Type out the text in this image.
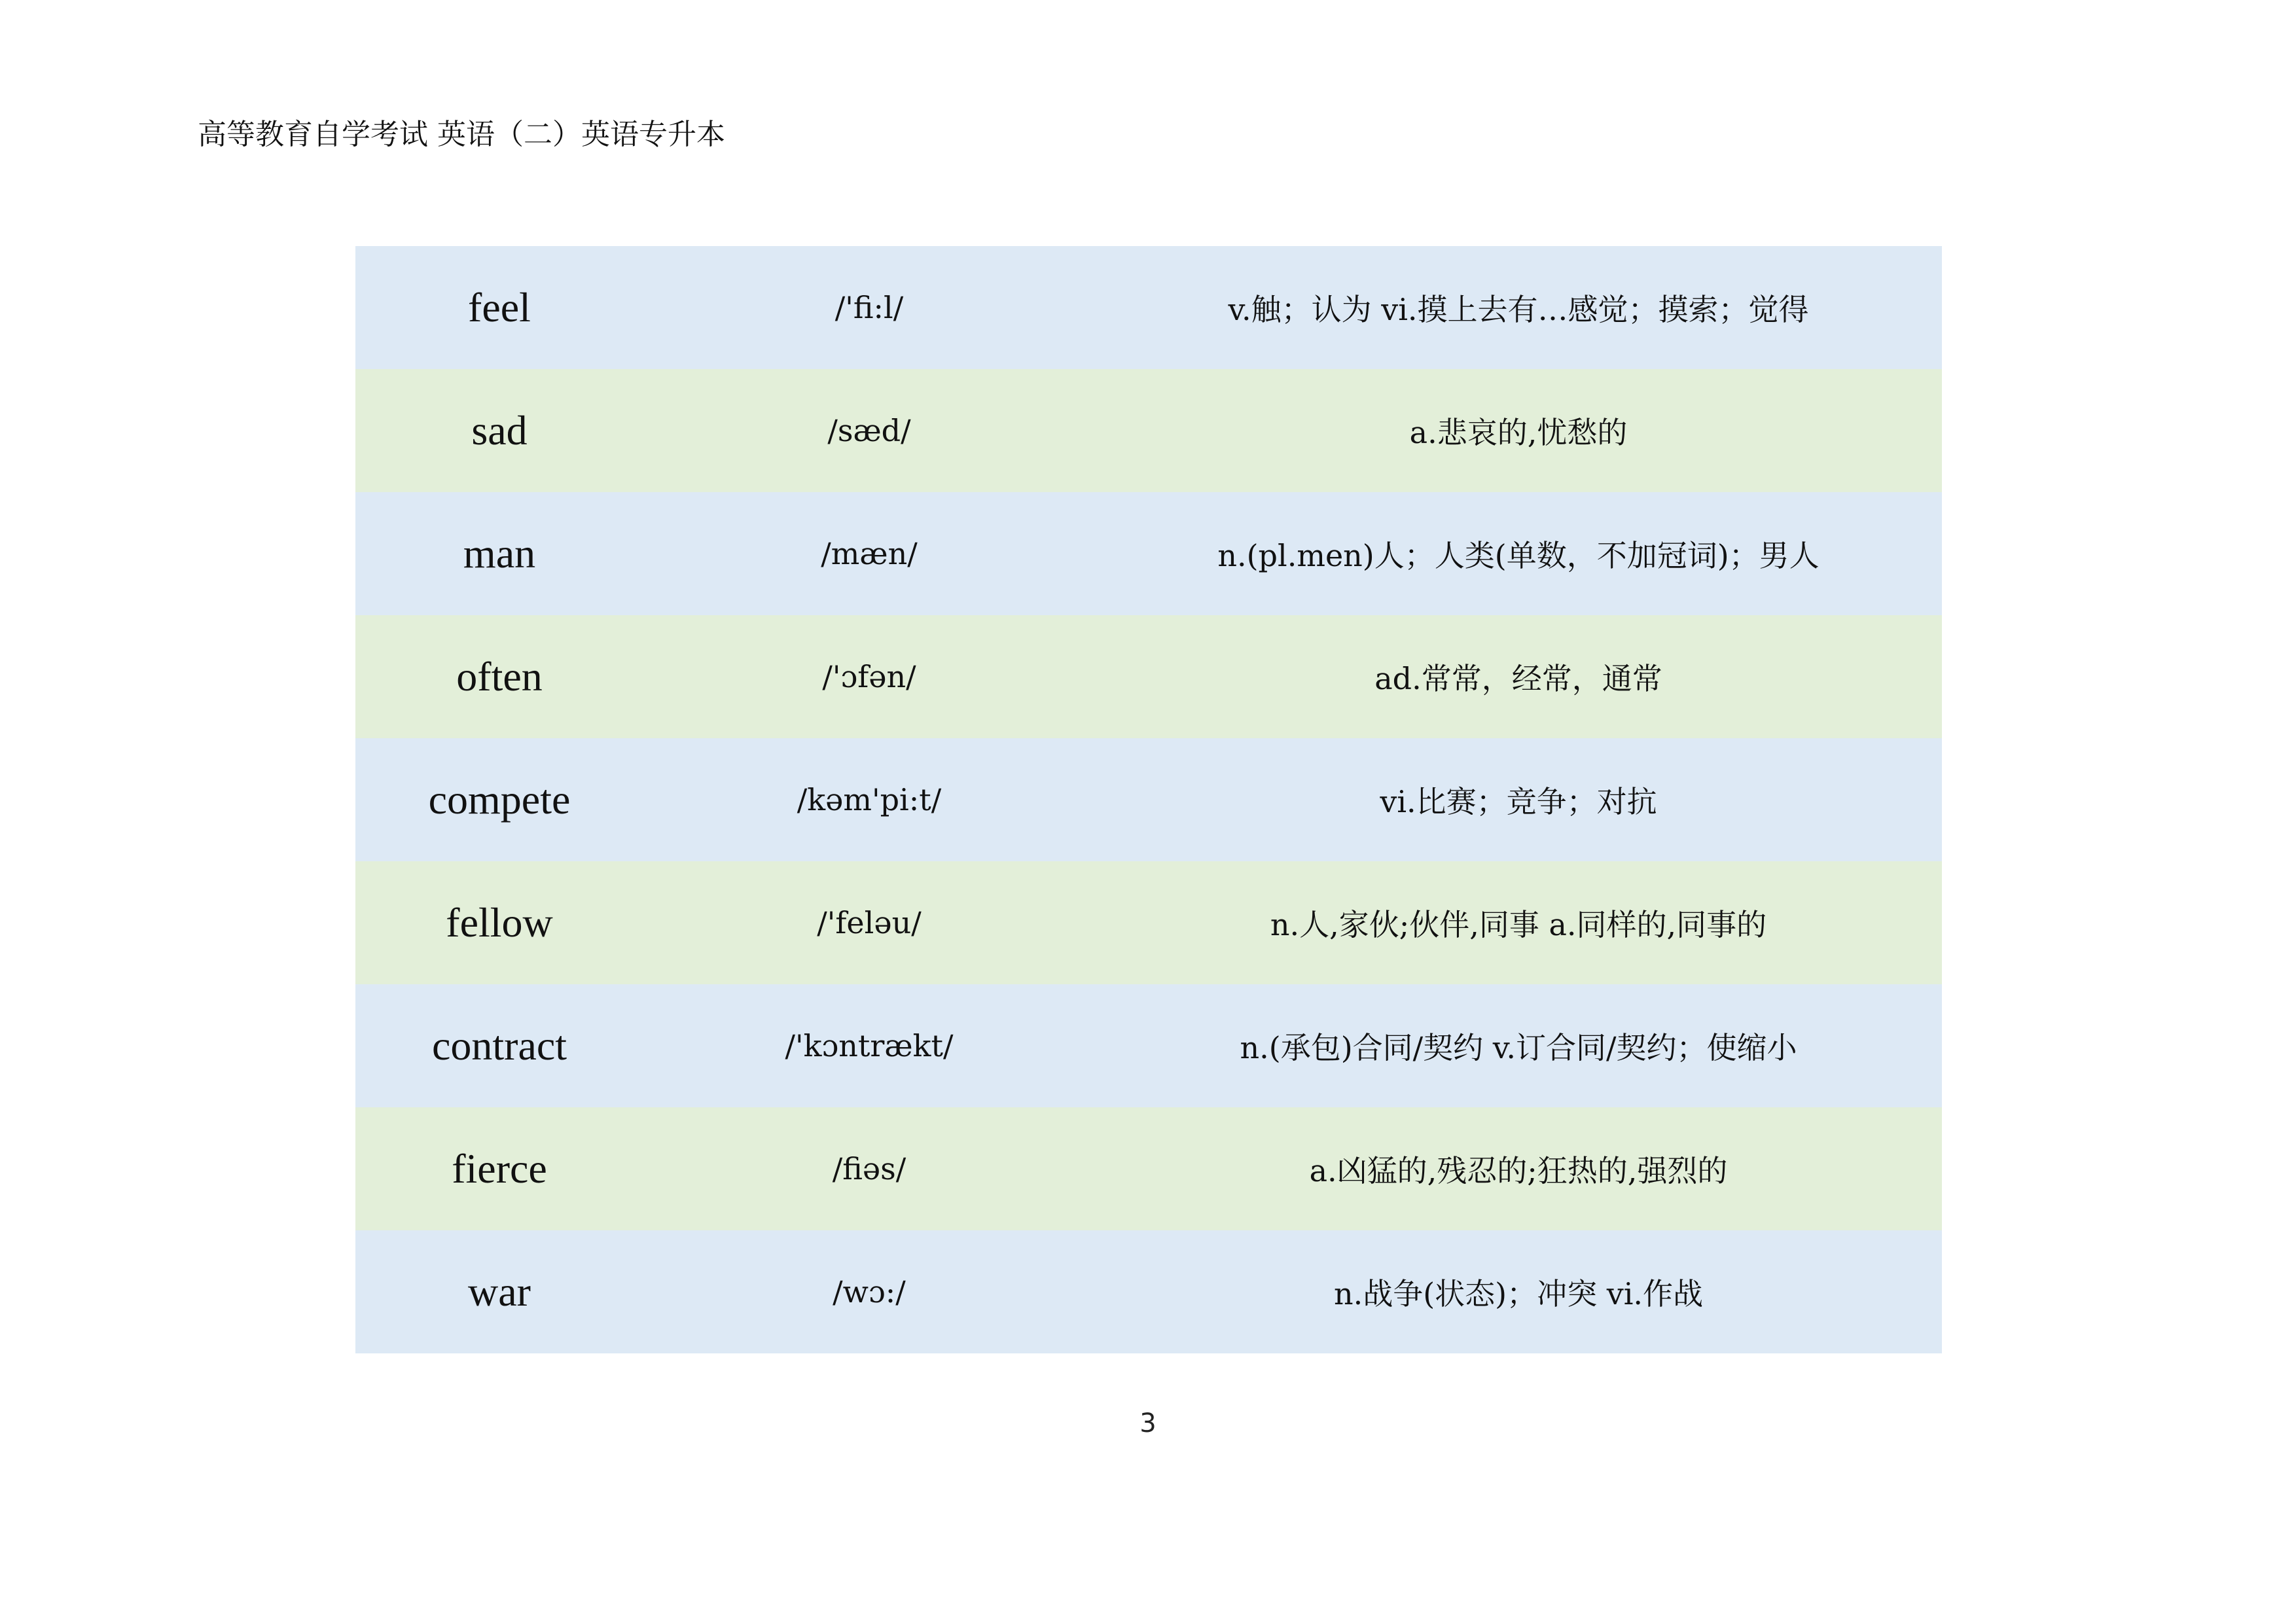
高等教育自学考试 英语（二）英语专升本
feel	/'fi:l/	v.触；认为 vi.摸上去有…感觉；摸索；觉得
sad	/sæd/	a.悲哀的,忧愁的
man	/mæn/	n.(pl.men)人；人类(单数，不加冠词)；男人
often	/'ɔfən/	ad.常常，经常，通常
compete	/kəm'pi:t/	vi.比赛；竞争；对抗
fellow	/'feləu/	n.人,家伙;伙伴,同事 a.同样的,同事的
contract	/'kɔntrækt/	n.(承包)合同/契约 v.订合同/契约；使缩小
fierce	/fiəs/	a.凶猛的,残忍的;狂热的,强烈的
war	/wɔ:/	n.战争(状态)；冲突 vi.作战
3
